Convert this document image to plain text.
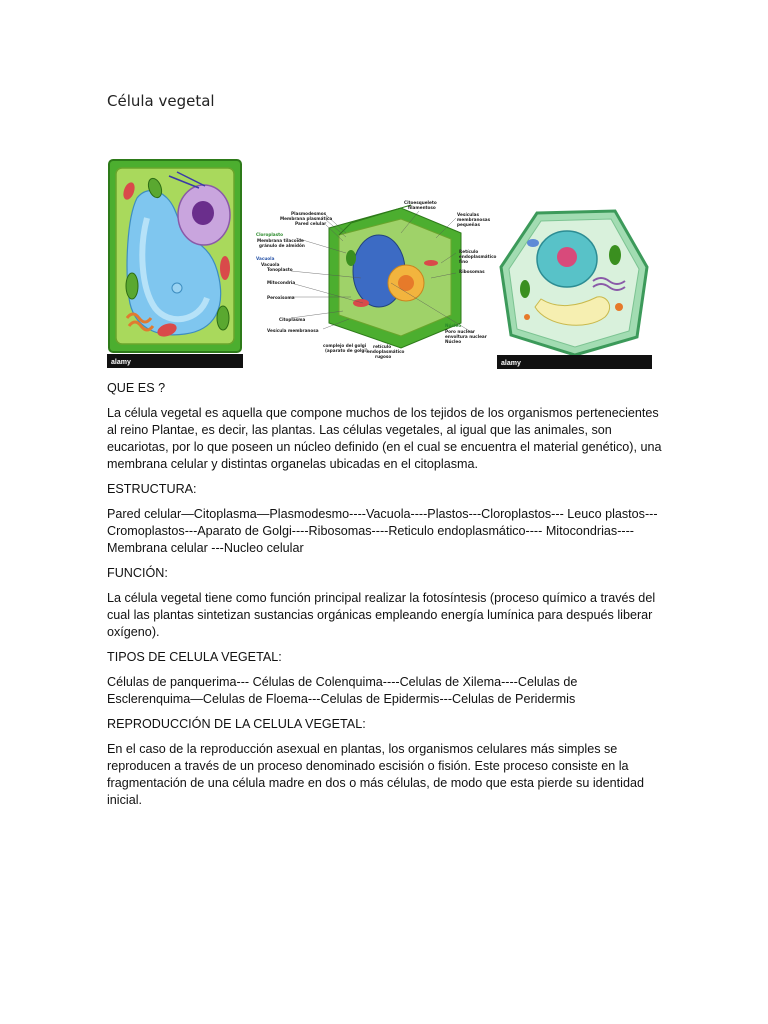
Célula vegetal
alamy
Plasmodesmos
Membrana plasmática
Pared celular
Cloroplasto
Membrana tilacoide
gránulo de almidón
Vacuola
Vacuola
Tonoplasto
Mitocondria
Peroxisoma
Citoplasma
Vesícula membranosa
complejo del golgi
(aparato de golgi)
retículo
endoplasmático
rugoso
Citoesqueleto
filamentoso
Vesículas
membranosas
pequeñas
Retículo
endoplasmático
fino
Ribosomas
Núcleo
Poro nuclear
envoltura nuclear
Núcleo
alamy

QUE ES ?

La célula vegetal es aquella que compone muchos de los tejidos de los organismos pertenecientes al reino Plantae, es decir, las plantas. Las células vegetales, al igual que las animales, son eucariotas, por lo que poseen un núcleo definido (en el cual se encuentra el material genético), una membrana celular y distintas organelas ubicadas en el citoplasma.

ESTRUCTURA:

Pared celular—Citoplasma—Plasmodesmo----Vacuola----Plastos---Cloroplastos--- Leuco plastos---Cromoplastos---Aparato de Golgi----Ribosomas----Reticulo endoplasmático---- Mitocondrias----Membrana celular ---Nucleo celular

FUNCIÓN:

La célula vegetal tiene como función principal realizar la fotosíntesis (proceso químico a través del cual las plantas sintetizan sustancias orgánicas empleando energía lumínica para después liberar oxígeno).

TIPOS DE CELULA VEGETAL:

Células de panquerima--- Células de Colenquima----Celulas de Xilema----Celulas de Esclerenquima—Celulas de Floema---Celulas de Epidermis---Celulas de Peridermis

REPRODUCCIÓN DE LA CELULA VEGETAL:

En el caso de la reproducción asexual en plantas, los organismos celulares más simples se reproducen a través de un proceso denominado escisión o fisión. Este proceso consiste en la fragmentación de una célula madre en dos o más células, de modo que esta pierde su identidad inicial.
